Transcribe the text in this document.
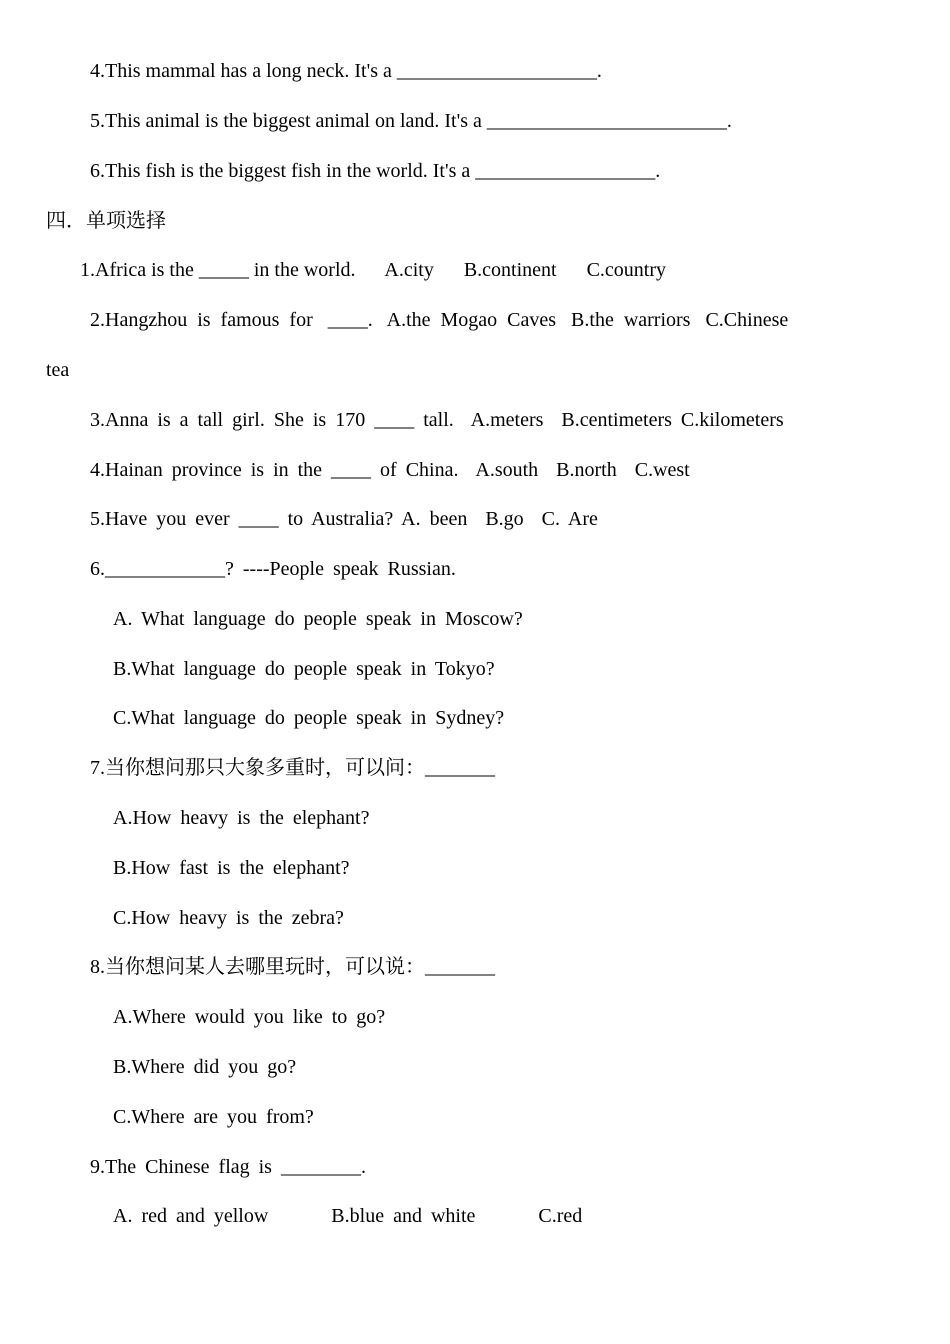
4.This mammal has a long neck. It's a ____________________.
5.This animal is the biggest animal on land. It's a ________________________.
6.This fish is the biggest fish in the world. It's a __________________.
四．单项选择
1.Africa is the _____ in the world.      A.city      B.continent      C.country
2.Hangzhou  is  famous  for   ____.   A.the  Mogao  Caves   B.the  warriors   C.Chinese
tea
3.Anna is a tall girl. She is 170 ____ tall.  A.meters  B.centimeters C.kilometers
4.Hainan province is in the ____ of China.  A.south  B.north  C.west
5.Have you ever ____ to Australia? A. been  B.go  C. Are
6.____________? ----People speak Russian.
A. What language do people speak in Moscow?
B.What language do people speak in Tokyo?
C.What language do people speak in Sydney?
7.当你想问那只大象多重时，可以问：_______
A.How heavy is the elephant?
B.How fast is the elephant?
C.How heavy is the zebra?
8.当你想问某人去哪里玩时，可以说：_______
A.Where would you like to go?
B.Where did you go?
C.Where are you from?
9.The Chinese flag is ________.
A. red and yellow       B.blue and white       C.red
